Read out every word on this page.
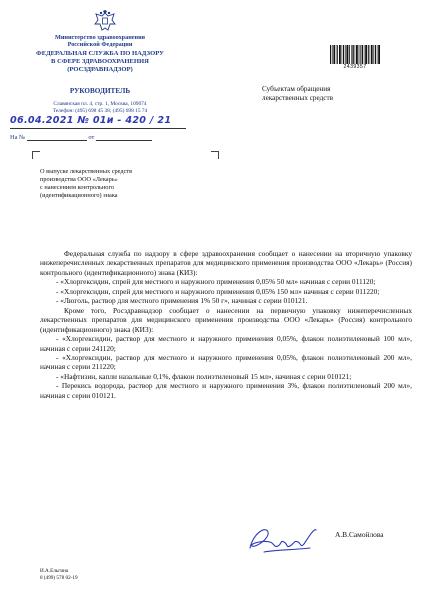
Министерство здравоохранения
Российской Федерации
ФЕДЕРАЛЬНАЯ СЛУЖБА ПО НАДЗОРУ
В СФЕРЕ ЗДРАВООХРАНЕНИЯ
(РОСЗДРАВНАДЗОР)
РУКОВОДИТЕЛЬ
Славянская пл. 4, стр. 1, Москва, 109074
Телефон: (495) 698 45 38; (495) 698 15 74
06.04.2021 № 01и - 420 / 21
На №	от
2439357
Субъектам обращения
лекарственных средств
О выпуске лекарственных средств
производства ООО «Лекарь»
с нанесением контрольного
(идентификационного) знака

Федеральная служба по надзору в сфере здравоохранения сообщает о нанесении на вторичную упаковку нижеперечисленных лекарственных препаратов для медицинского применения производства ООО «Лекарь» (Россия) контрольного (идентификационного) знака (КИЗ):

- «Хлоргексидин, спрей для местного и наружного применения 0,05% 50 мл» начиная с серии 011120;

- «Хлоргексидин, спрей для местного и наружного применения 0,05% 150 мл» начиная с серии 011220;

- «Люголь, раствор для местного применения 1% 50 г», начиная с серии 010121.

Кроме того, Росздравнадзор сообщает о нанесении на первичную упаковку нижеперечисленных лекарственных препаратов для медицинского применения производства ООО «Лекарь» (Россия) контрольного (идентификационного) знака (КИЗ):

- «Хлоргексидин, раствор для местного и наружного применения 0,05%, флакон полиэтиленовый 100 мл», начиная с серии 241120;

- «Хлоргексидин, раствор для местного и наружного применения 0,05%, флакон полиэтиленовый 200 мл», начиная с серии 211220;

- «Нафтизин, капли назальные 0,1%, флакон полиэтиленовый 15 мл», начиная с серии 010121;

- Перекись водорода, раствор для местного и наружного применения 3%, флакон полиэтиленовый 200 мл», начиная с серии 010121.

А.В.Самойлова
И.А.Ельгина
8 (499) 578 02-19
